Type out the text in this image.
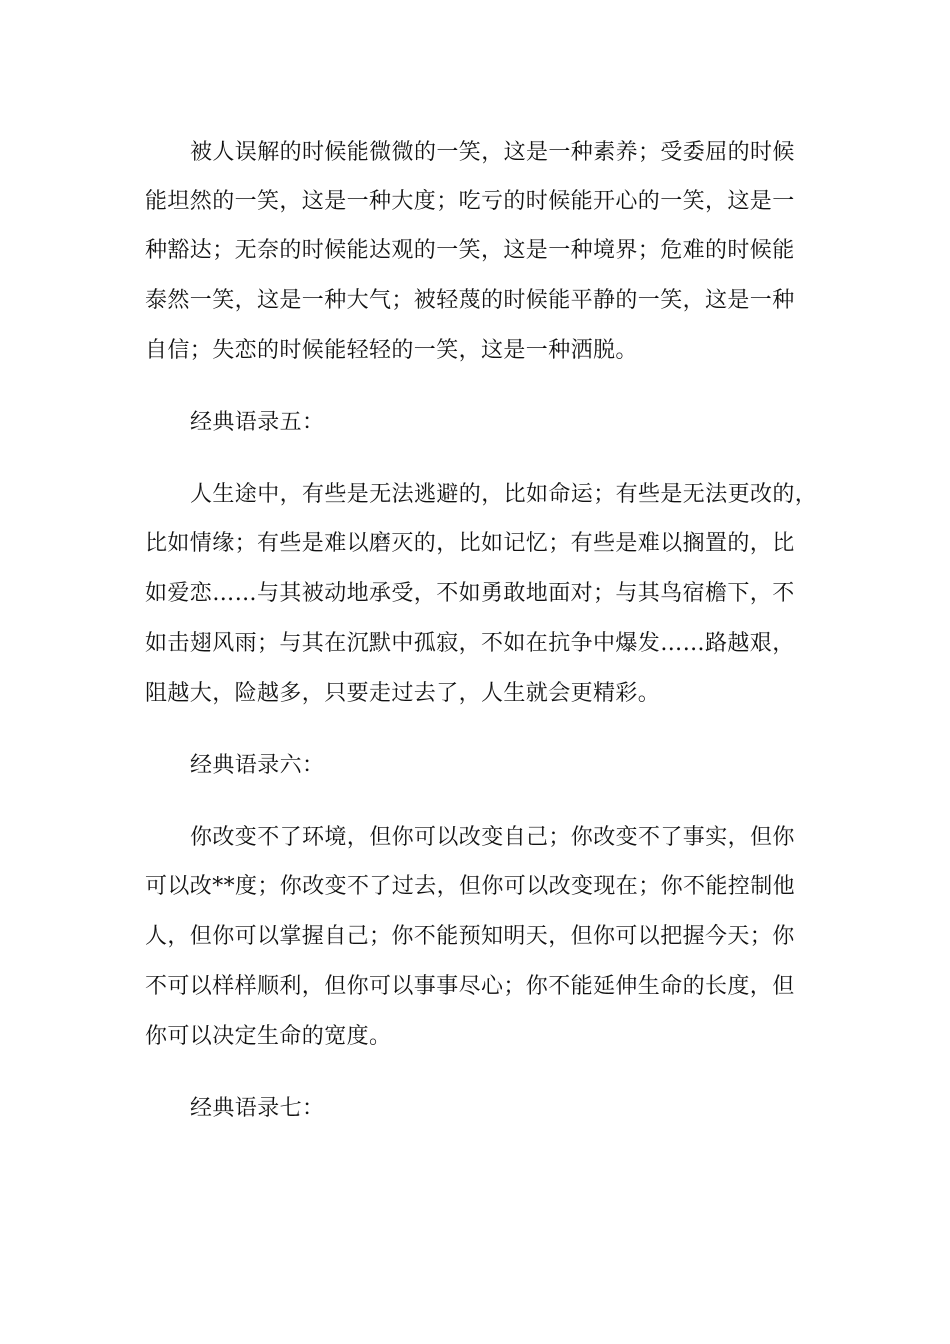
被人误解的时候能微微的一笑，这是一种素养；受委屈的时候
能坦然的一笑，这是一种大度；吃亏的时候能开心的一笑，这是一
种豁达；无奈的时候能达观的一笑，这是一种境界；危难的时候能
泰然一笑，这是一种大气；被轻蔑的时候能平静的一笑，这是一种
自信；失恋的时候能轻轻的一笑，这是一种洒脱。
经典语录五：
人生途中，有些是无法逃避的，比如命运；有些是无法更改的，
比如情缘；有些是难以磨灭的，比如记忆；有些是难以搁置的，比
如爱恋……与其被动地承受，不如勇敢地面对；与其鸟宿檐下，不
如击翅风雨；与其在沉默中孤寂，不如在抗争中爆发……路越艰，
阻越大，险越多，只要走过去了，人生就会更精彩。
经典语录六：
你改变不了环境，但你可以改变自己；你改变不了事实，但你
可以改**度；你改变不了过去，但你可以改变现在；你不能控制他
人，但你可以掌握自己；你不能预知明天，但你可以把握今天；你
不可以样样顺利，但你可以事事尽心；你不能延伸生命的长度，但
你可以决定生命的宽度。
经典语录七：
